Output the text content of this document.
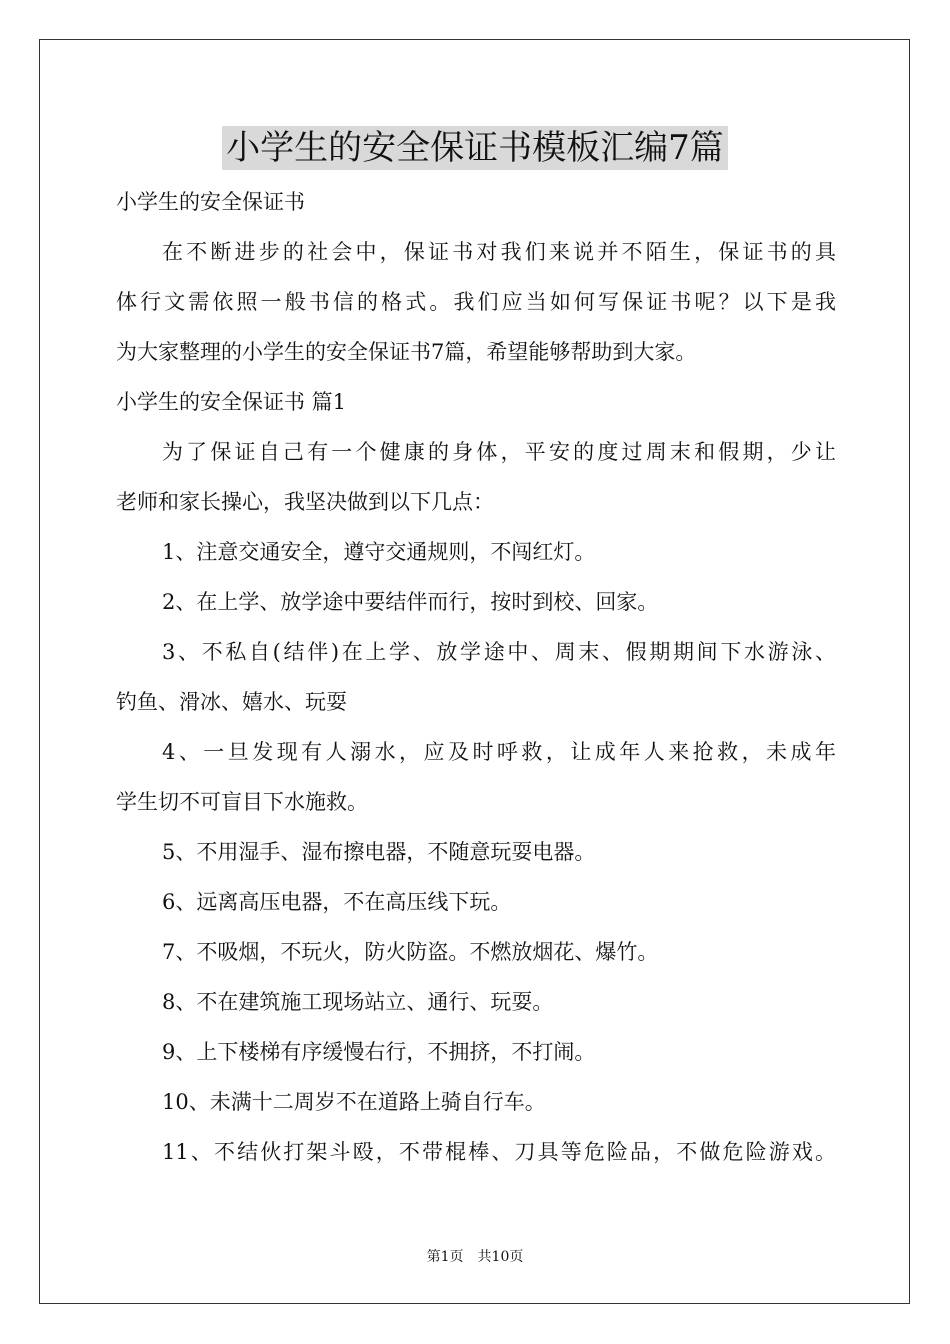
小学生的安全保证书模板汇编7篇
小学生的安全保证书
在不断进步的社会中，保证书对我们来说并不陌生，保证书的具
体行文需依照一般书信的格式。我们应当如何写保证书呢？以下是我
为大家整理的小学生的安全保证书7篇，希望能够帮助到大家。
小学生的安全保证书 篇1
为了保证自己有一个健康的身体，平安的度过周末和假期，少让
老师和家长操心，我坚决做到以下几点：
1、注意交通安全，遵守交通规则，不闯红灯。
2、在上学、放学途中要结伴而行，按时到校、回家。
3、不私自(结伴)在上学、放学途中、周末、假期期间下水游泳、
钓鱼、滑冰、嬉水、玩耍
4、一旦发现有人溺水，应及时呼救，让成年人来抢救，未成年
学生切不可盲目下水施救。
5、不用湿手、湿布擦电器，不随意玩耍电器。
6、远离高压电器，不在高压线下玩。
7、不吸烟，不玩火，防火防盗。不燃放烟花、爆竹。
8、不在建筑施工现场站立、通行、玩耍。
9、上下楼梯有序缓慢右行，不拥挤，不打闹。
10、未满十二周岁不在道路上骑自行车。
11、不结伙打架斗殴，不带棍棒、刀具等危险品，不做危险游戏。
第1页 共10页
